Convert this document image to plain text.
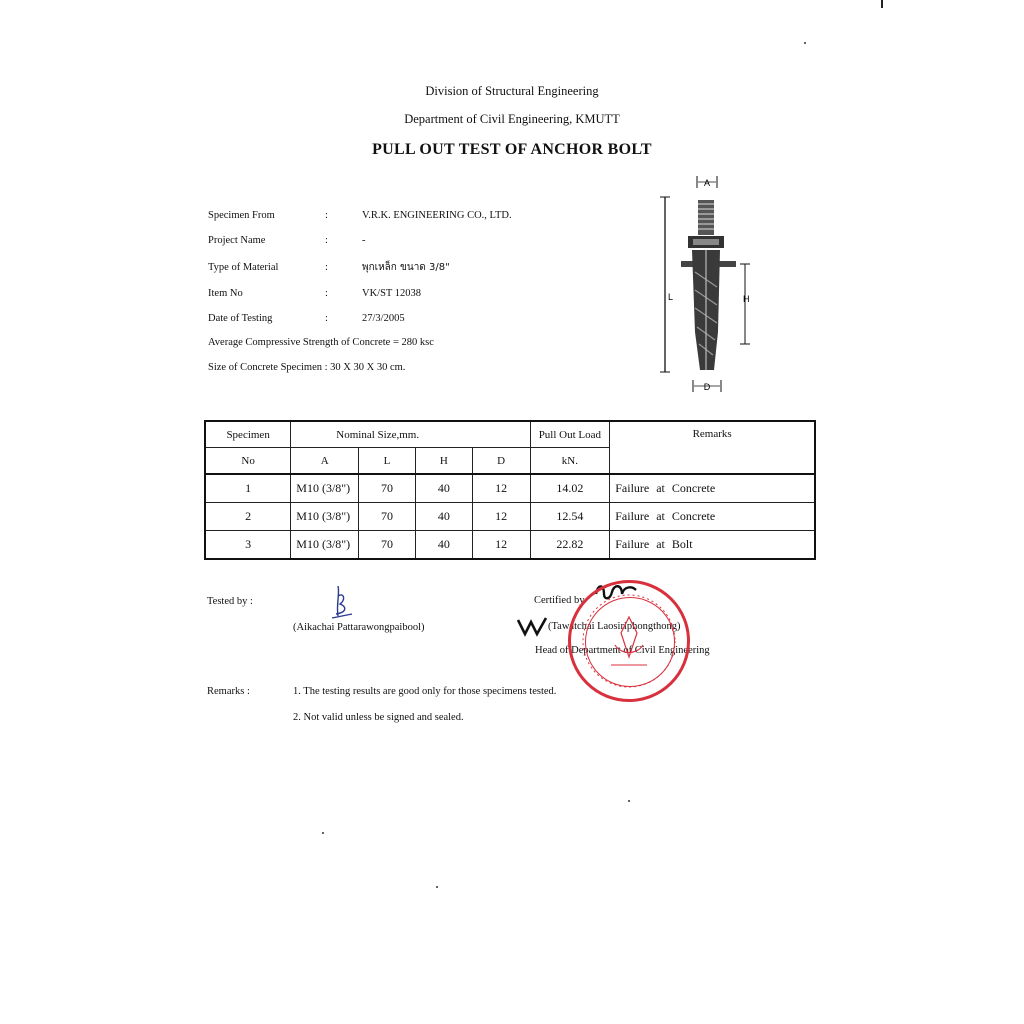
Division of Structural Engineering
Department of Civil Engineering, KMUTT
PULL OUT TEST OF ANCHOR BOLT
Specimen From	:	V.R.K. ENGINEERING CO., LTD.
Project Name	:	-
Type of Material	:	พุกเหล็ก ขนาด 3/8"
Item No	:	VK/ST 12038
Date of Testing	:	27/3/2005
Average Compressive Strength of Concrete = 280 ksc
Size of Concrete Specimen : 30 X 30 X 30 cm.
A
L	H
D
Specimen	Nominal Size,mm.				Pull Out Load	Remarks
No	A	L	H	D	kN.	
1	M10 (3/8")	70	40	12	14.02	Failure at Concrete
2	M10 (3/8")	70	40	12	12.54	Failure at Concrete
3	M10 (3/8")	70	40	12	22.82	Failure at Bolt
Tested by :
(Aikachai Pattarawongpaibool)
Certified by
(Tawatchai Laosiriphongthong)
Head of Department of Civil Engineering
Remarks :	1. The testing results are good only for those specimens tested.
2. Not valid unless be signed and sealed.
